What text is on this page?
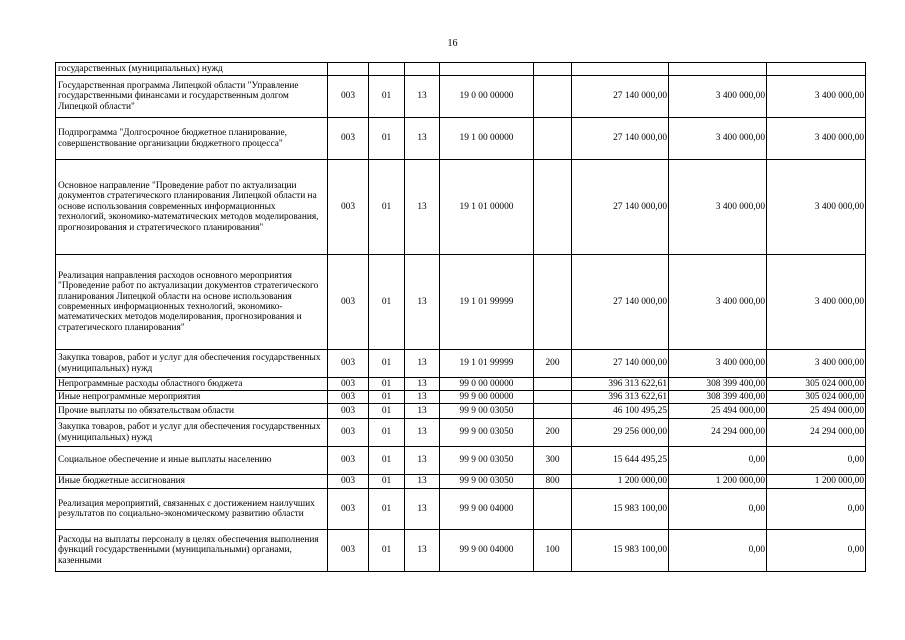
16
государственных (муниципальных) нужд								
Государственная программа Липецкой области "Управление государственными финансами и государственным долгом Липецкой области"	003	01	13	19 0 00 00000		27 140 000,00	3 400 000,00	3 400 000,00
Подпрограмма "Долгосрочное бюджетное планирование, совершенствование организации бюджетного процесса"	003	01	13	19 1 00 00000		27 140 000,00	3 400 000,00	3 400 000,00
Основное направление "Проведение работ по актуализации документов стратегического планирования Липецкой области на основе использования современных информационных технологий, экономико-математических методов моделирования, прогнозирования и стратегического планирования"	003	01	13	19 1 01 00000		27 140 000,00	3 400 000,00	3 400 000,00
Реализация направления расходов основного мероприятия "Проведение работ по актуализации документов стратегического планирования Липецкой области на основе использования современных информационных технологий, экономико-математических методов моделирования, прогнозирования и стратегического планирования"	003	01	13	19 1 01 99999		27 140 000,00	3 400 000,00	3 400 000,00
Закупка товаров, работ и услуг для обеспечения государственных (муниципальных) нужд	003	01	13	19 1 01 99999	200	27 140 000,00	3 400 000,00	3 400 000,00
Непрограммные расходы областного бюджета	003	01	13	99 0 00 00000		396 313 622,61	308 399 400,00	305 024 000,00
Иные непрограммные мероприятия	003	01	13	99 9 00 00000		396 313 622,61	308 399 400,00	305 024 000,00
Прочие выплаты по обязательствам области	003	01	13	99 9 00 03050		46 100 495,25	25 494 000,00	25 494 000,00
Закупка товаров, работ и услуг для обеспечения государственных (муниципальных) нужд	003	01	13	99 9 00 03050	200	29 256 000,00	24 294 000,00	24 294 000,00
Социальное обеспечение и иные выплаты населению	003	01	13	99 9 00 03050	300	15 644 495,25	0,00	0,00
Иные бюджетные ассигнования	003	01	13	99 9 00 03050	800	1 200 000,00	1 200 000,00	1 200 000,00
Реализация мероприятий, связанных с достижением наилучших результатов по социально-экономическому развитию области	003	01	13	99 9 00 04000		15 983 100,00	0,00	0,00
Расходы на выплаты персоналу в целях обеспечения выполнения функций государственными (муниципальными) органами, казенными	003	01	13	99 9 00 04000	100	15 983 100,00	0,00	0,00
